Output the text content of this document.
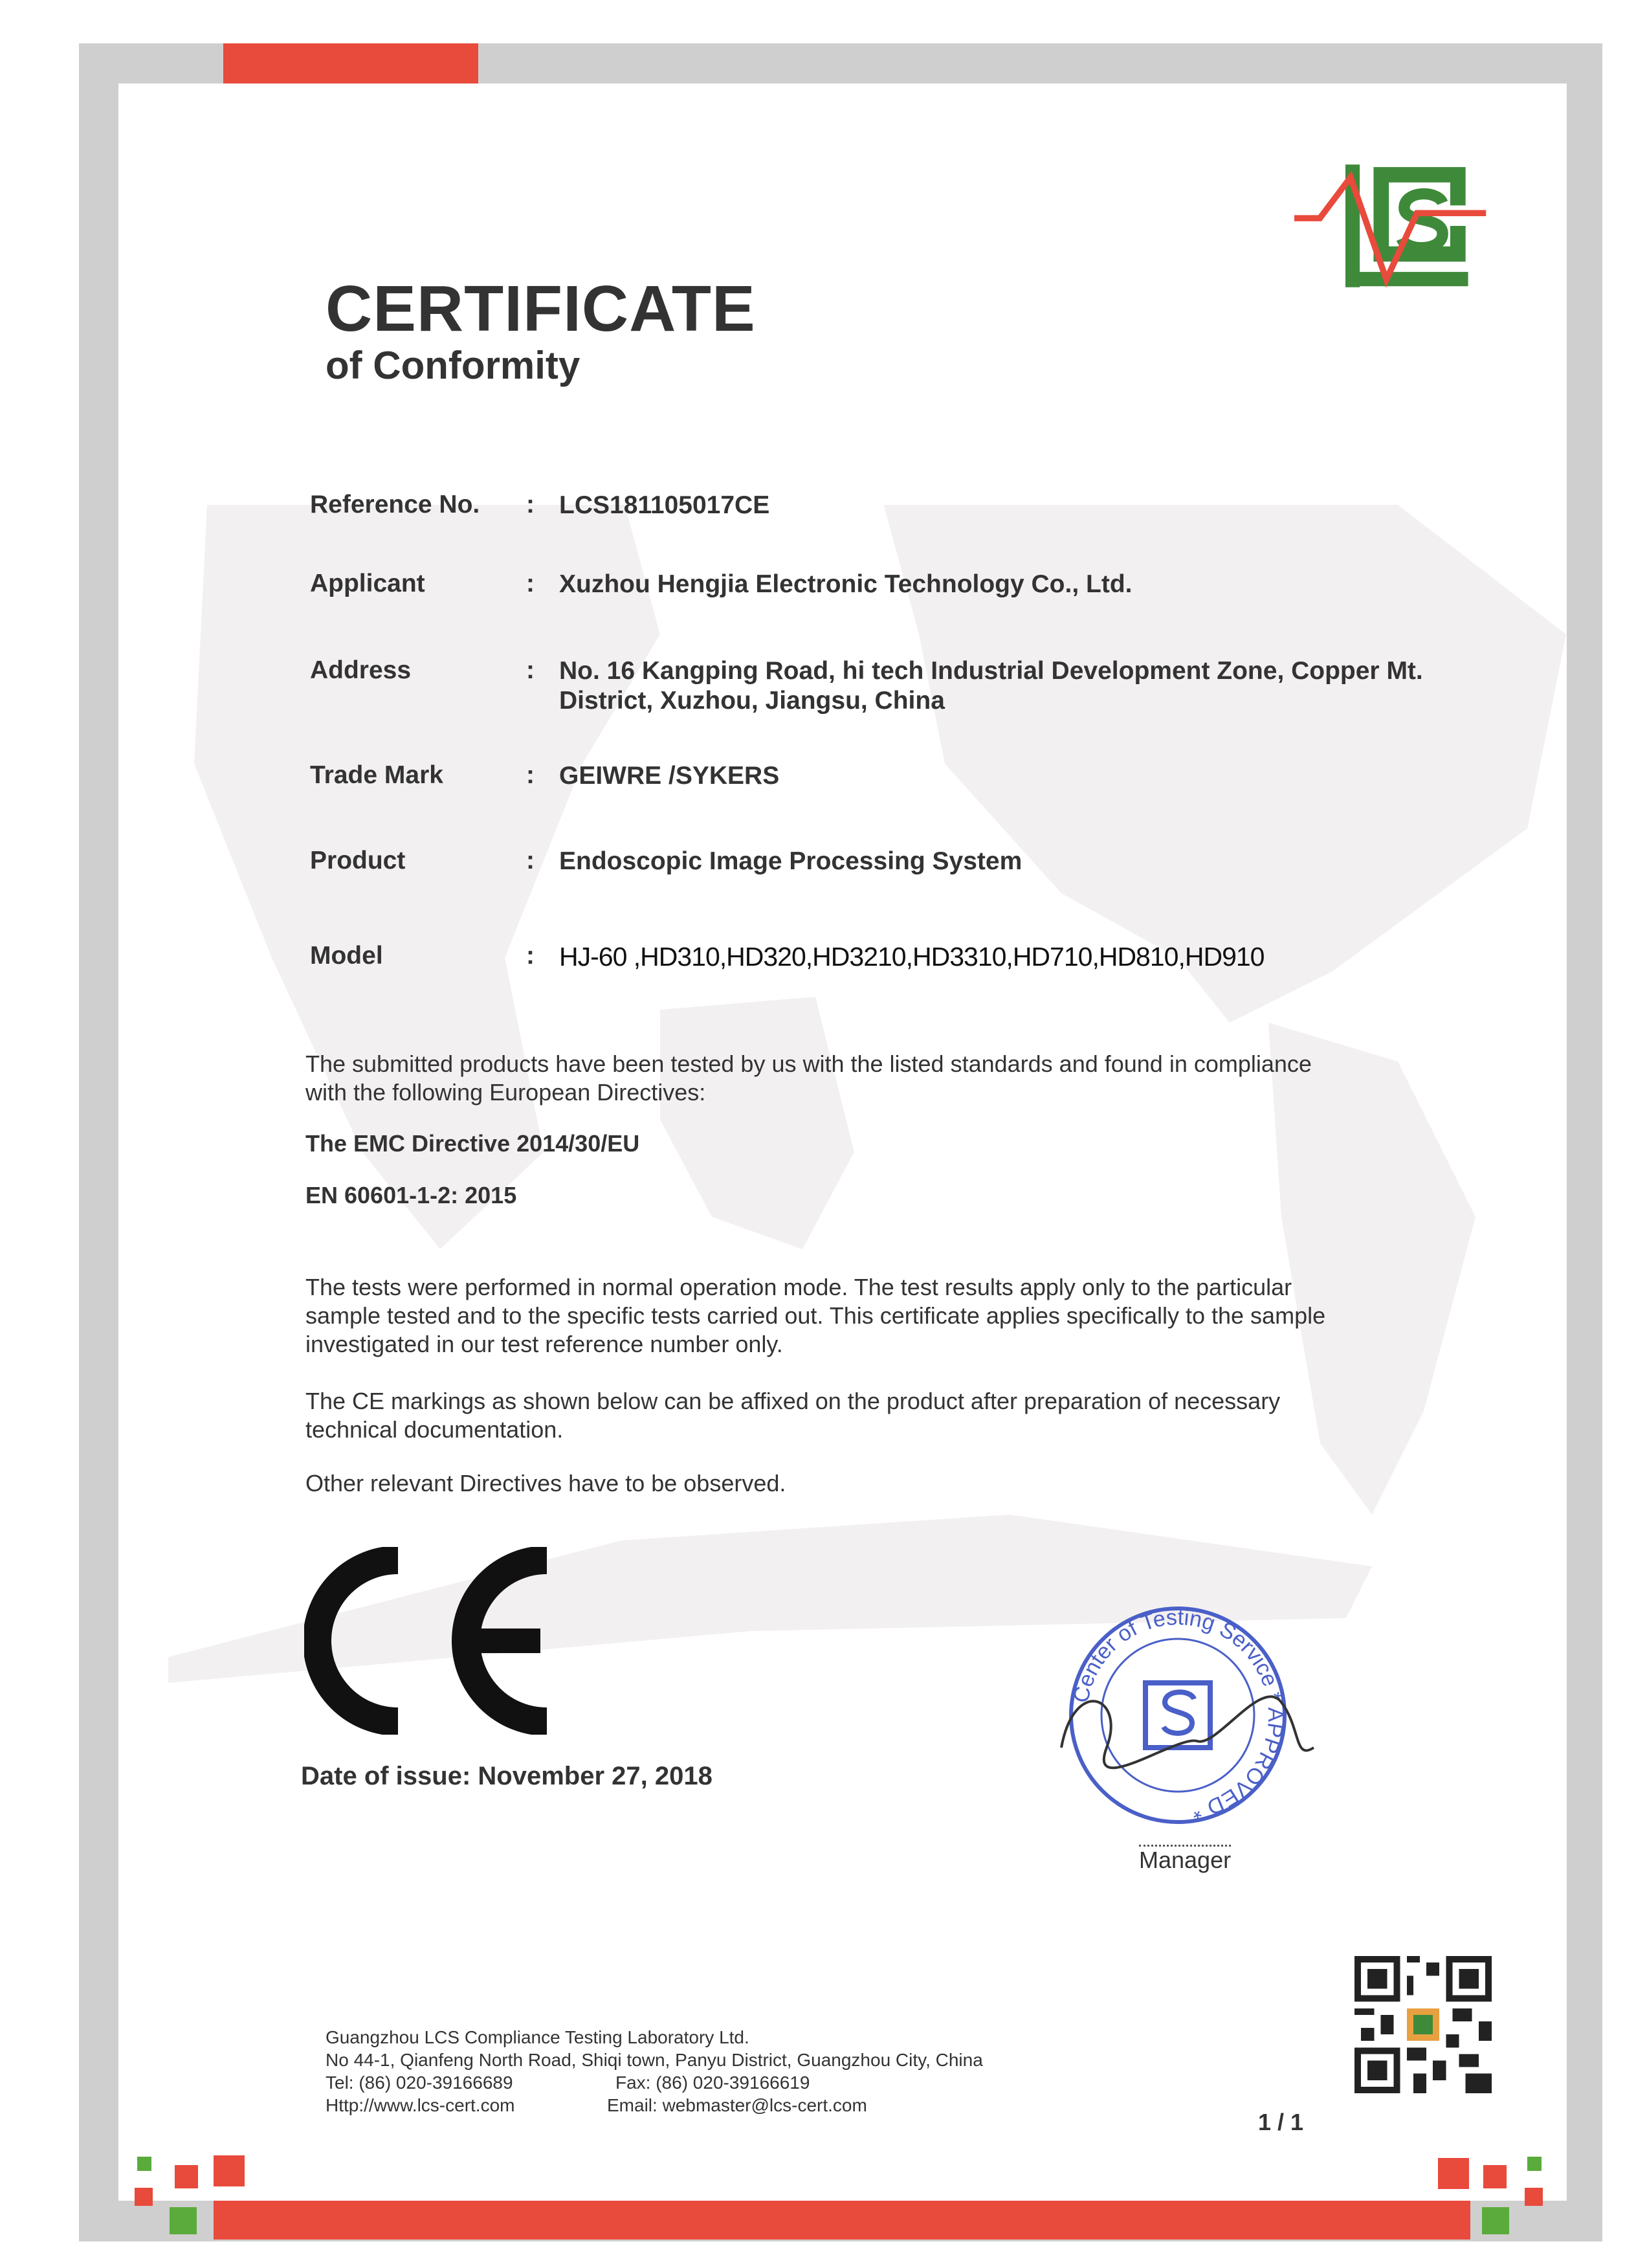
CERTIFICATE
of Conformity
Reference No. : LCS181105017CE
Applicant	: Xuzhou Hengjia Electronic Technology Co., Ltd.
Address	: No. 16 Kangping Road, hi tech Industrial Development Zone, Copper Mt.
District, Xuzhou, Jiangsu, China
Trade Mark	: GEIWRE /SYKERS
Product	: Endoscopic Image Processing System
Model	: HJ-60 ,HD310,HD320,HD3210,HD3310,HD710,HD810,HD910
The submitted products have been tested by us with the listed standards and found in compliance
with the following European Directives:
The EMC Directive 2014/30/EU
EN 60601-1-2: 2015
The tests were performed in normal operation mode. The test results apply only to the particular
sample tested and to the specific tests carried out. This certificate applies specifically to the sample
investigated in our test reference number only.
The CE markings as shown below can be affixed on the product after preparation of necessary
technical documentation.
Other relevant Directives have to be observed.
Date of issue: November 27, 2018
Center of Testing Service * APPROVED *
Manager
Guangzhou LCS Compliance Testing Laboratory Ltd.
No 44-1, Qianfeng North Road, Shiqi town, Panyu District, Guangzhou City, China
Tel: (86) 020-39166689	Fax: (86) 020-39166619
Http://www.lcs-cert.com	Email: webmaster@lcs-cert.com
1 / 1
